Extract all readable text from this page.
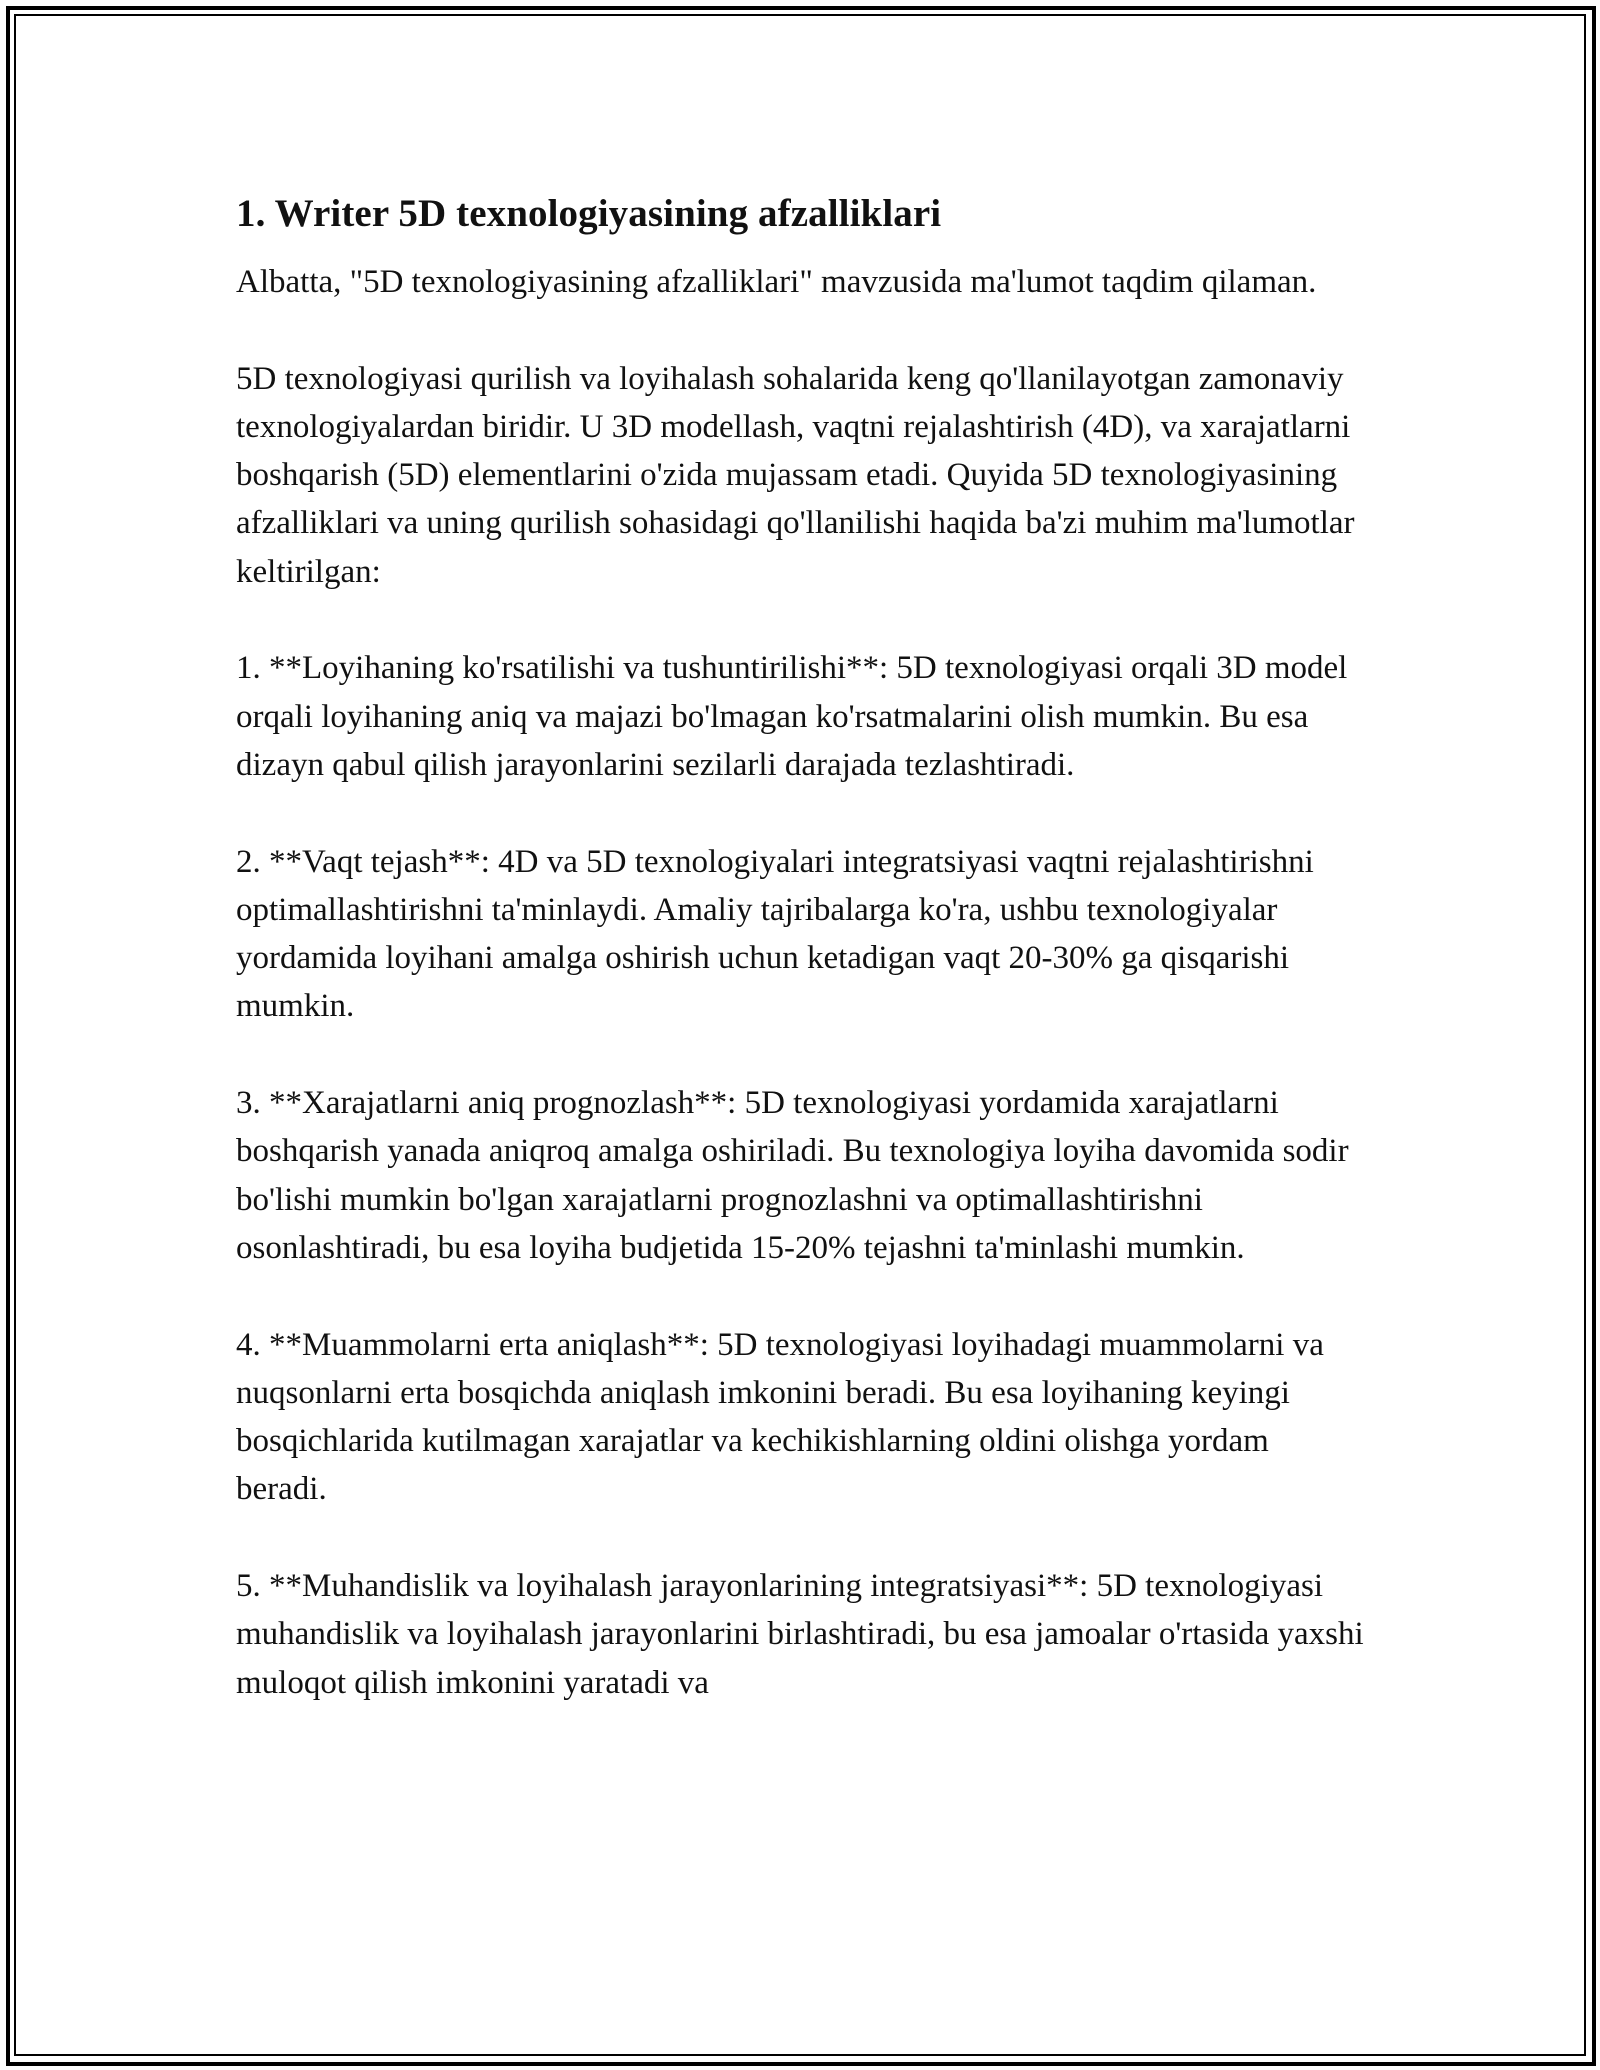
1. Writer 5D texnologiyasining afzalliklari

Albatta, "5D texnologiyasining afzalliklari" mavzusida ma'lumot taqdim qilaman.

5D texnologiyasi qurilish va loyihalash sohalarida keng qo'llanilayotgan zamonaviy texnologiyalardan biridir. U 3D modellash, vaqtni rejalashtirish (4D), va xarajatlarni boshqarish (5D) elementlarini o'zida mujassam etadi. Quyida 5D texnologiyasining afzalliklari va uning qurilish sohasidagi qo'llanilishi haqida ba'zi muhim ma'lumotlar keltirilgan:

1. **Loyihaning ko'rsatilishi va tushuntirilishi**: 5D texnologiyasi orqali 3D model orqali loyihaning aniq va majazi bo'lmagan ko'rsatmalarini olish mumkin. Bu esa dizayn qabul qilish jarayonlarini sezilarli darajada tezlashtiradi.

2. **Vaqt tejash**: 4D va 5D texnologiyalari integratsiyasi vaqtni rejalashtirishni optimallashtirishni ta'minlaydi. Amaliy tajribalarga ko'ra, ushbu texnologiyalar yordamida loyihani amalga oshirish uchun ketadigan vaqt 20-30% ga qisqarishi mumkin.

3. **Xarajatlarni aniq prognozlash**: 5D texnologiyasi yordamida xarajatlarni boshqarish yanada aniqroq amalga oshiriladi. Bu texnologiya loyiha davomida sodir bo'lishi mumkin bo'lgan xarajatlarni prognozlashni va optimallashtirishni osonlashtiradi, bu esa loyiha budjetida 15-20% tejashni ta'minlashi mumkin.

4. **Muammolarni erta aniqlash**: 5D texnologiyasi loyihadagi muammolarni va nuqsonlarni erta bosqichda aniqlash imkonini beradi. Bu esa loyihaning keyingi bosqichlarida kutilmagan xarajatlar va kechikishlarning oldini olishga yordam beradi.

5. **Muhandislik va loyihalash jarayonlarining integratsiyasi**: 5D texnologiyasi muhandislik va loyihalash jarayonlarini birlashtiradi, bu esa jamoalar o'rtasida yaxshi muloqot qilish imkonini yaratadi va
